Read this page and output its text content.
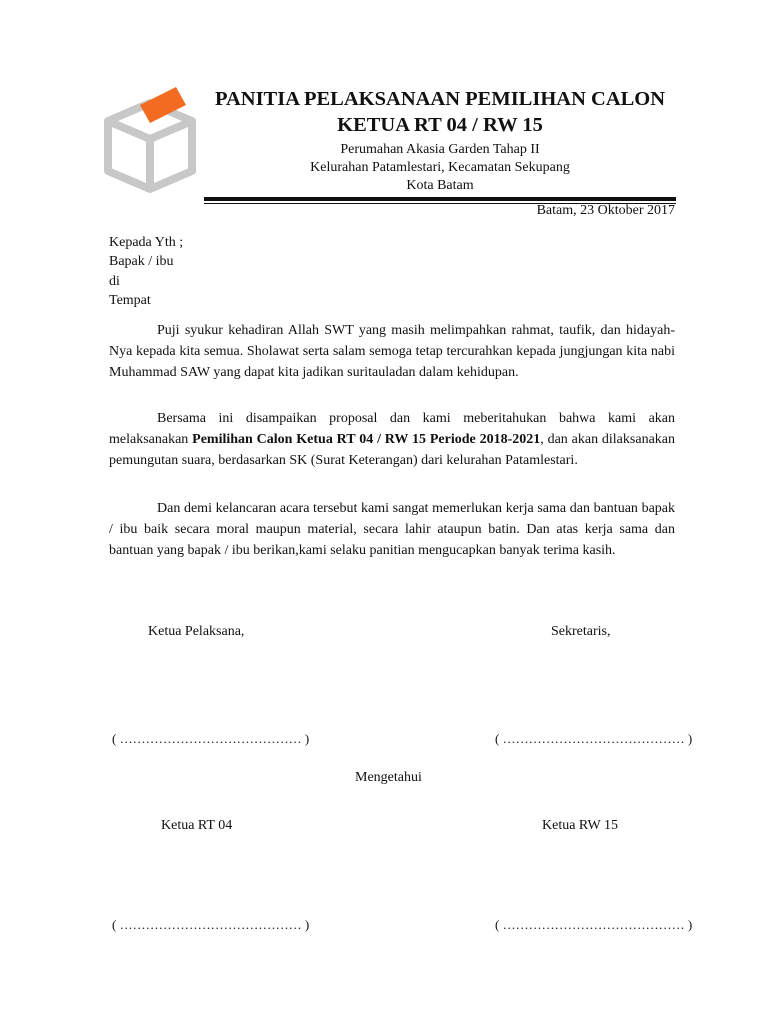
PANITIA PELAKSANAAN PEMILIHAN CALON
KETUA RT 04 / RW 15
Perumahan Akasia Garden Tahap II
Kelurahan Patamlestari, Kecamatan Sekupang
Kota Batam
Batam, 23 Oktober 2017
Kepada Yth ;
Bapak / ibu
di
Tempat

Puji syukur kehadiran Allah SWT yang masih melimpahkan rahmat, taufik, dan hidayah-Nya kepada kita semua. Sholawat serta salam semoga tetap tercurahkan kepada jungjungan kita nabi Muhammad SAW yang dapat kita jadikan suritauladan dalam kehidupan.

Bersama ini disampaikan proposal dan kami meberitahukan bahwa kami akan melaksanakan Pemilihan Calon Ketua RT 04 / RW 15 Periode 2018-2021, dan akan dilaksanakan pemungutan suara, berdasarkan SK (Surat Keterangan) dari kelurahan Patamlestari.

Dan demi kelancaran acara tersebut kami sangat memerlukan kerja sama dan bantuan bapak / ibu baik secara moral maupun material, secara lahir ataupun batin. Dan atas kerja sama dan bantuan yang bapak / ibu berikan,kami selaku panitian mengucapkan banyak terima kasih.

Ketua Pelaksana,	Sekretaris,
( …………………………………… )	( …………………………………… )
Mengetahui
Ketua RT 04	Ketua RW 15
( …………………………………… )	( …………………………………… )
